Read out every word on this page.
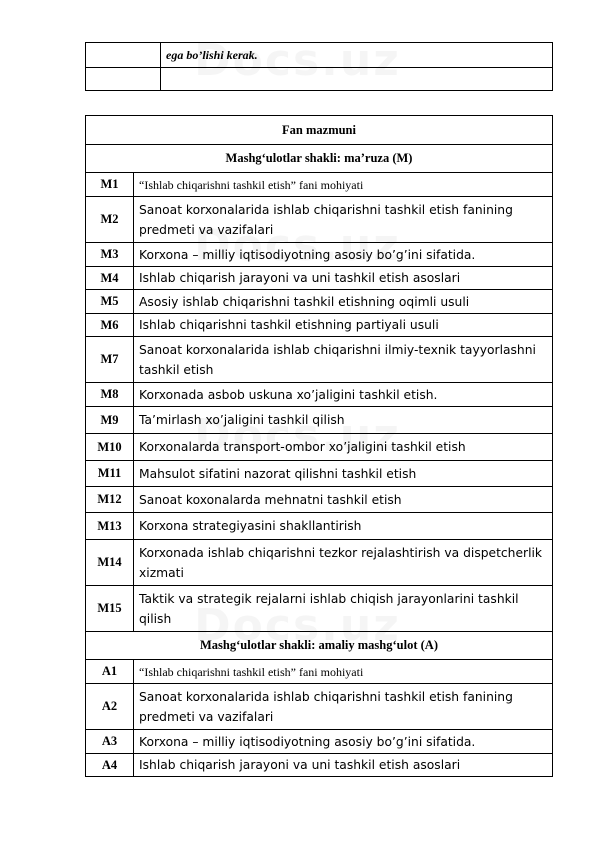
	ega bo’lishi kerak.

Fan mazmuni	
Mashg‘ulotlar shakli: ma’ruza (M)	
M1	“Ishlab chiqarishni tashkil etish” fani mohiyati
M2	Sanoat korxonalarida ishlab chiqarishni tashkil etish fanining predmeti va vazifalari
M3	Korxona – milliy iqtisodiyotning asosiy bo’g’ini sifatida.
M4	Ishlab chiqarish jarayoni va uni tashkil etish asoslari
M5	Asosiy ishlab chiqarishni tashkil etishning oqimli usuli
M6	Ishlab chiqarishni tashkil etishning partiyali usuli
M7	Sanoat korxonalarida ishlab chiqarishni ilmiy-texnik tayyorlashni tashkil etish
M8	Korxonada asbob uskuna xo’jaligini tashkil etish.
M9	Ta’mirlash xo’jaligini tashkil qilish
M10	Korxonalarda transport-ombor xo’jaligini tashkil etish
M11	Mahsulot sifatini nazorat qilishni tashkil etish
M12	Sanoat koxonalarda mehnatni tashkil etish
M13	Korxona strategiyasini shakllantirish
M14	Korxonada ishlab chiqarishni tezkor rejalashtirish va dispetcherlik xizmati
M15	Taktik va strategik rejalarni ishlab chiqish jarayonlarini tashkil qilish
Mashg‘ulotlar shakli: amaliy mashg‘ulot (A)	
A1	“Ishlab chiqarishni tashkil etish” fani mohiyati
A2	Sanoat korxonalarida ishlab chiqarishni tashkil etish fanining predmeti va vazifalari
A3	Korxona – milliy iqtisodiyotning asosiy bo’g’ini sifatida.
A4	Ishlab chiqarish jarayoni va uni tashkil etish asoslari
